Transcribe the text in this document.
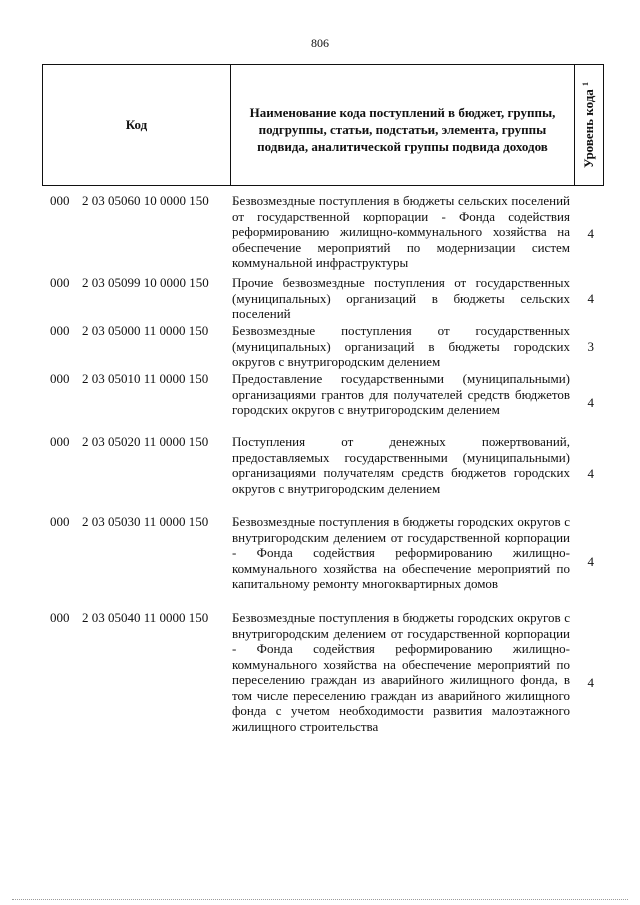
806
Код
Наименование кода поступлений в бюджет, группы, подгруппы, статьи, подстатьи, элемента, группы подвида, аналитической группы подвида доходов	Уровень кода $^1$
000 2 03 05060 10 0000 150 Безвозмездные поступления в бюджеты сельских поселений от государственной корпорации - Фонда содействия реформированию жилищно-коммунального хозяйства на обеспечение мероприятий по модернизации систем коммунальной инфраструктуры
4
000 2 03 05099 10 0000 150 Прочие безвозмездные поступления от государственных (муниципальных) организаций в бюджеты сельских поселений
4
000 2 03 05000 11 0000 150 Безвозмездные поступления от государственных (муниципальных) организаций в бюджеты городских округов с внутригородским делением
3
000 2 03 05010 11 0000 150 Предоставление государственными (муниципальными) организациями грантов для получателей средств бюджетов городских округов с внутригородским делением	4
000 2 03 05020 11 0000 150 Поступления от денежных пожертвований, предоставляемых государственными (муниципальными) организациями получателям средств бюджетов городских округов с внутригородским делением
4
000 2 03 05030 11 0000 150 Безвозмездные поступления в бюджеты городских округов с внутригородским делением от государственной корпорации - Фонда содействия реформированию жилищно-коммунального хозяйства на обеспечение мероприятий по капитальному ремонту многоквартирных домов
4
000 2 03 05040 11 0000 150 Безвозмездные поступления в бюджеты городских округов с внутригородским делением от государственной корпорации - Фонда содействия реформированию жилищно-коммунального хозяйства на обеспечение мероприятий по переселению граждан из аварийного жилищного фонда, в том числе переселению граждан из аварийного жилищного фонда с учетом необходимости развития малоэтажного жилищного строительства
4
